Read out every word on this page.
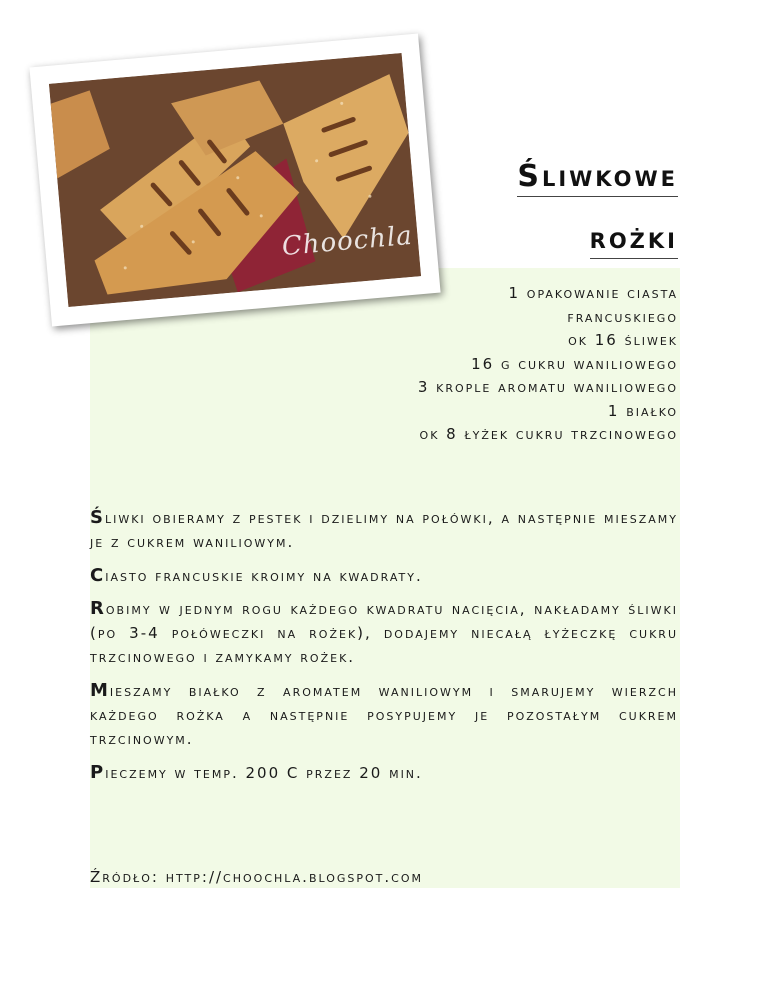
Choochla
Śliwkowe
rożki
1 opakowanie ciasta
francuskiego
ok 16 śliwek
16 g cukru waniliowego
3 krople aromatu waniliowego
1 białko
ok 8 łyżek cukru trzcinowego

Śliwki obieramy z pestek i dzielimy na połówki, a następnie mieszamy je z cukrem waniliowym.

Ciasto francuskie kroimy na kwadraty.

Robimy w jednym rogu każdego kwadratu nacięcia, nakładamy śliwki (po 3-4 połóweczki na rożek), dodajemy niecałą łyżeczkę cukru trzcinowego i zamykamy rożek.

Mieszamy białko z aromatem waniliowym i smarujemy wierzch każdego rożka a następnie posypujemy je pozostałym cukrem trzcinowym.

Pieczemy w temp. 200 C przez 20 min.

Źródło: http://choochla.blogspot.com
